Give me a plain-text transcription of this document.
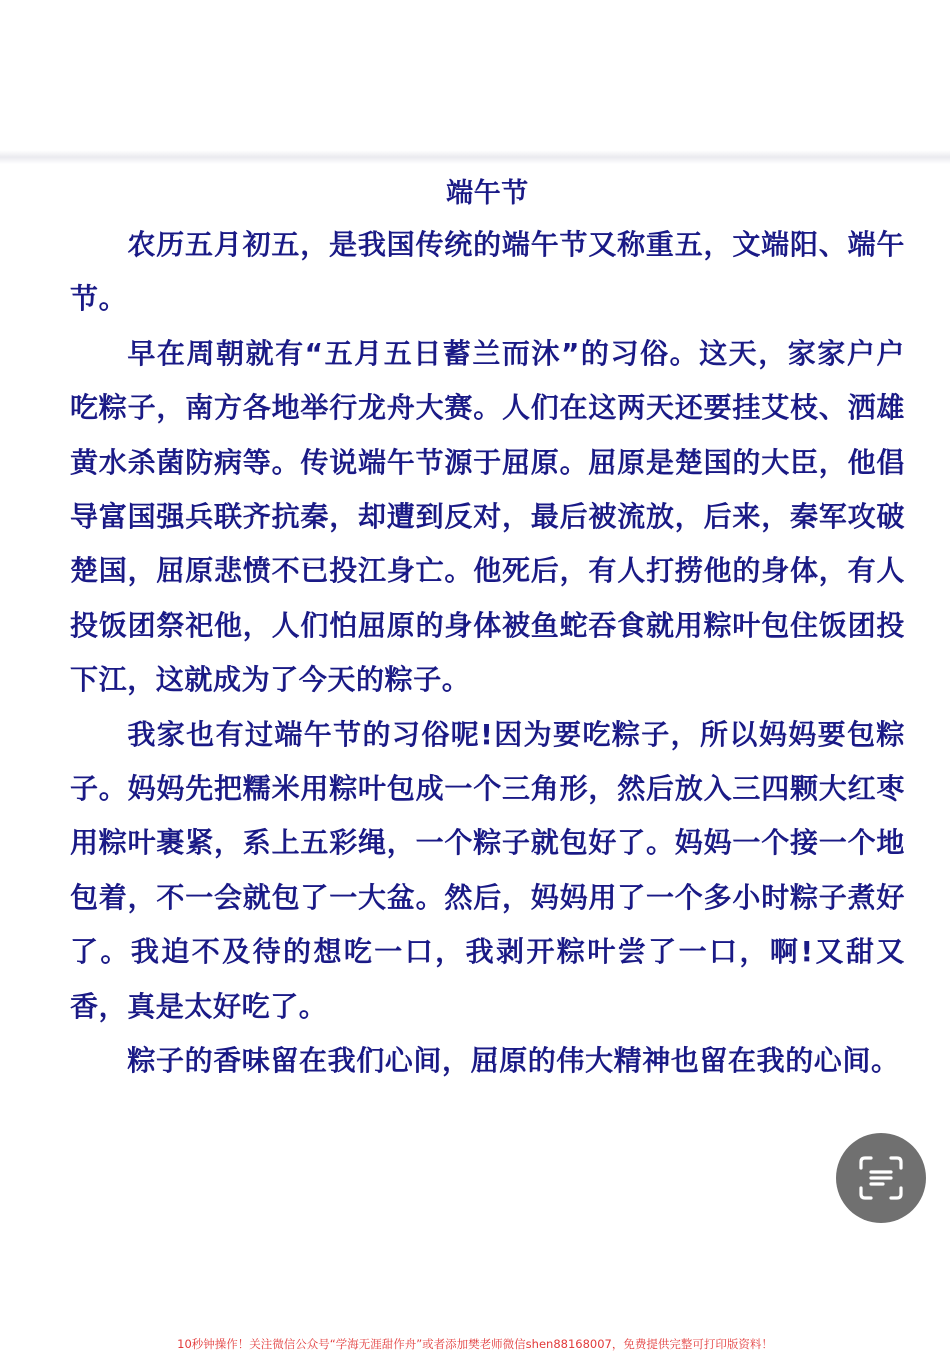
端午节

农历五月初五，是我国传统的端午节又称重五，文端阳、端午节。

早在周朝就有“五月五日蓄兰而沐”的习俗。这天，家家户户吃粽子，南方各地举行龙舟大赛。人们在这两天还要挂艾枝、洒雄黄水杀菌防病等。传说端午节源于屈原。屈原是楚国的大臣，他倡导富国强兵联齐抗秦，却遭到反对，最后被流放，后来，秦军攻破楚国，屈原悲愤不已投江身亡。他死后，有人打捞他的身体，有人投饭团祭祀他，人们怕屈原的身体被鱼蛇吞食就用粽叶包住饭团投下江，这就成为了今天的粽子。

我家也有过端午节的习俗呢!因为要吃粽子，所以妈妈要包粽子。妈妈先把糯米用粽叶包成一个三角形，然后放入三四颗大红枣用粽叶裹紧，系上五彩绳，一个粽子就包好了。妈妈一个接一个地包着，不一会就包了一大盆。然后，妈妈用了一个多小时粽子煮好了。我迫不及待的想吃一口，我剥开粽叶尝了一口，啊!又甜又香，真是太好吃了。

粽子的香味留在我们心间，屈原的伟大精神也留在我的心间。

10秒钟操作！关注微信公众号“学海无涯甜作舟”或者添加樊老师微信shen88168007，免费提供完整可打印版资料！
